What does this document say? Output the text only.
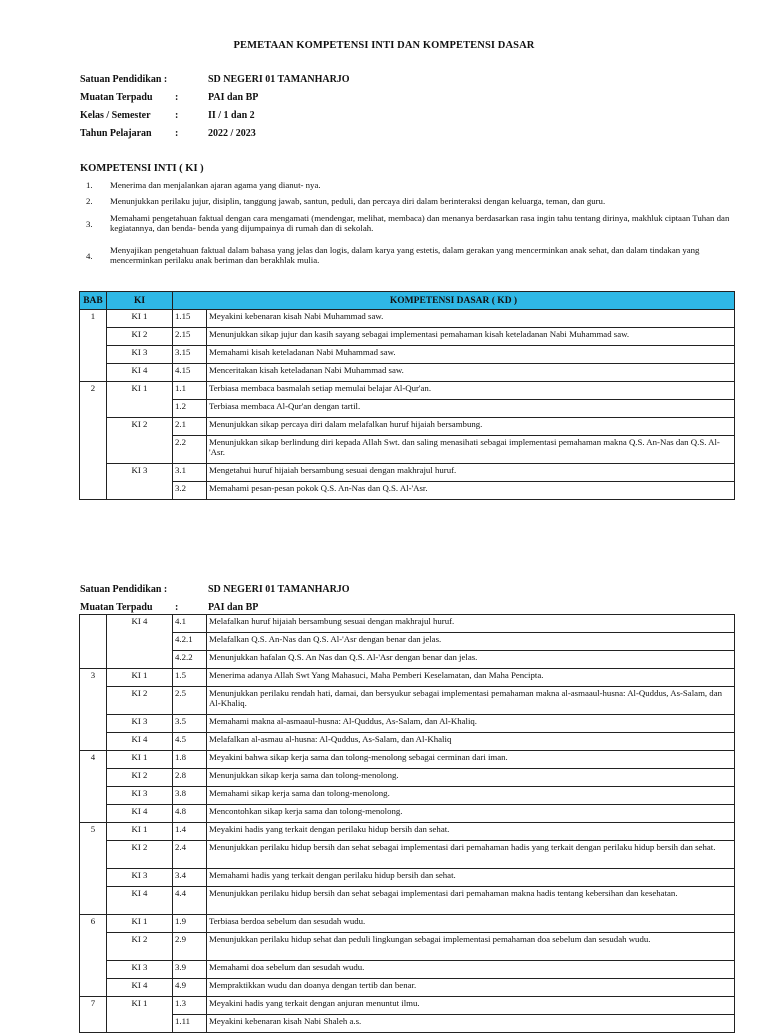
PEMETAAN KOMPETENSI INTI DAN KOMPETENSI DASAR
Satuan Pendidikan :	SD NEGERI 01 TAMANHARJO
Muatan Terpadu :	PAI dan BP
Kelas / Semester :	II / 1 dan 2
Tahun Pelajaran :	2022 / 2023
KOMPETENSI INTI ( KI )
1. Menerima dan menjalankan ajaran agama yang dianut- nya.
2. Menunjukkan perilaku jujur, disiplin, tanggung jawab, santun, peduli, dan percaya diri dalam berinteraksi dengan keluarga, teman, dan guru.
3.
Memahami pengetahuan faktual dengan cara mengamati (mendengar, melihat, membaca) dan menanya berdasarkan rasa ingin tahu tentang dirinya, makhluk ciptaan Tuhan dan kegiatannya, dan benda- benda yang dijumpainya di rumah dan di sekolah.
4.
Menyajikan pengetahuan faktual dalam bahasa yang jelas dan logis, dalam karya yang estetis, dalam gerakan yang mencerminkan anak sehat, dan dalam tindakan yang mencerminkan perilaku anak beriman dan berakhlak mulia.
BAB	KI	KOMPETENSI DASAR ( KD )	
1	KI 1	1.15	Meyakini kebenaran kisah Nabi Muhammad saw.
	KI 2	2.15	Menunjukkan sikap jujur dan kasih sayang sebagai implementasi pemahaman kisah keteladanan Nabi Muhammad saw.
	KI 3	3.15	Memahami kisah keteladanan Nabi Muhammad saw.
	KI 4	4.15	Menceritakan kisah keteladanan Nabi Muhammad saw.
2	KI 1	1.1	Terbiasa membaca basmalah setiap memulai belajar Al-Qur'an.
		1.2	Terbiasa membaca Al-Qur'an dengan tartil.
	KI 2	2.1	Menunjukkan sikap percaya diri dalam melafalkan huruf hijaiah bersambung.
		2.2	Menunjukkan sikap berlindung diri kepada Allah Swt. dan saling menasihati sebagai implementasi pemahaman makna Q.S. An-Nas dan Q.S. Al-'Asr.
	KI 3	3.1	Mengetahui huruf hijaiah bersambung sesuai dengan makhrajul huruf.
		3.2	Memahami pesan-pesan pokok Q.S. An-Nas dan Q.S. Al-'Asr.
Satuan Pendidikan :	SD NEGERI 01 TAMANHARJO
Muatan Terpadu :	PAI dan BP
	KI 4	4.1	Melafalkan huruf hijaiah bersambung sesuai dengan makhrajul huruf.
		4.2.1	Melafalkan Q.S. An-Nas dan Q.S. Al-'Asr dengan benar dan jelas.
		4.2.2	Menunjukkan hafalan Q.S. An Nas dan Q.S. Al-'Asr dengan benar dan jelas.
3	KI 1	1.5	Menerima adanya Allah Swt Yang Mahasuci, Maha Pemberi Keselamatan, dan Maha Pencipta.
	KI 2	2.5	Menunjukkan perilaku rendah hati, damai, dan bersyukur sebagai implementasi pemahaman makna al-asmaaul-husna: Al-Quddus, As-Salam, dan Al-Khaliq.
	KI 3	3.5	Memahami makna al-asmaaul-husna: Al-Quddus, As-Salam, dan Al-Khaliq.
	KI 4	4.5	Melafalkan al-asmau al-husna: Al-Quddus, As-Salam, dan Al-Khaliq
4	KI 1	1.8	Meyakini bahwa sikap kerja sama dan tolong-menolong sebagai cerminan dari iman.
	KI 2	2.8	Menunjukkan sikap kerja sama dan tolong-menolong.
	KI 3	3.8	Memahami sikap kerja sama dan tolong-menolong.
	KI 4	4.8	Mencontohkan sikap kerja sama dan tolong-menolong.
5	KI 1	1.4	Meyakini hadis yang terkait dengan perilaku hidup bersih dan sehat.
	KI 2	2.4	Menunjukkan perilaku hidup bersih dan sehat sebagai implementasi dari pemahaman hadis yang terkait dengan perilaku hidup bersih dan sehat.
	KI 3	3.4	Memahami hadis yang terkait dengan perilaku hidup bersih dan sehat.
	KI 4	4.4	Menunjukkan perilaku hidup bersih dan sehat sebagai implementasi dari pemahaman makna hadis tentang kebersihan dan kesehatan.
6	KI 1	1.9	Terbiasa berdoa sebelum dan sesudah wudu.
	KI 2	2.9	Menunjukkan perilaku hidup sehat dan peduli lingkungan sebagai implementasi pemahaman doa sebelum dan sesudah wudu.
	KI 3	3.9	Memahami doa sebelum dan sesudah wudu.
	KI 4	4.9	Mempraktikkan wudu dan doanya dengan tertib dan benar.
7	KI 1	1.3	Meyakini hadis yang terkait dengan anjuran menuntut ilmu.
		1.11	Meyakini kebenaran kisah Nabi Shaleh a.s.
